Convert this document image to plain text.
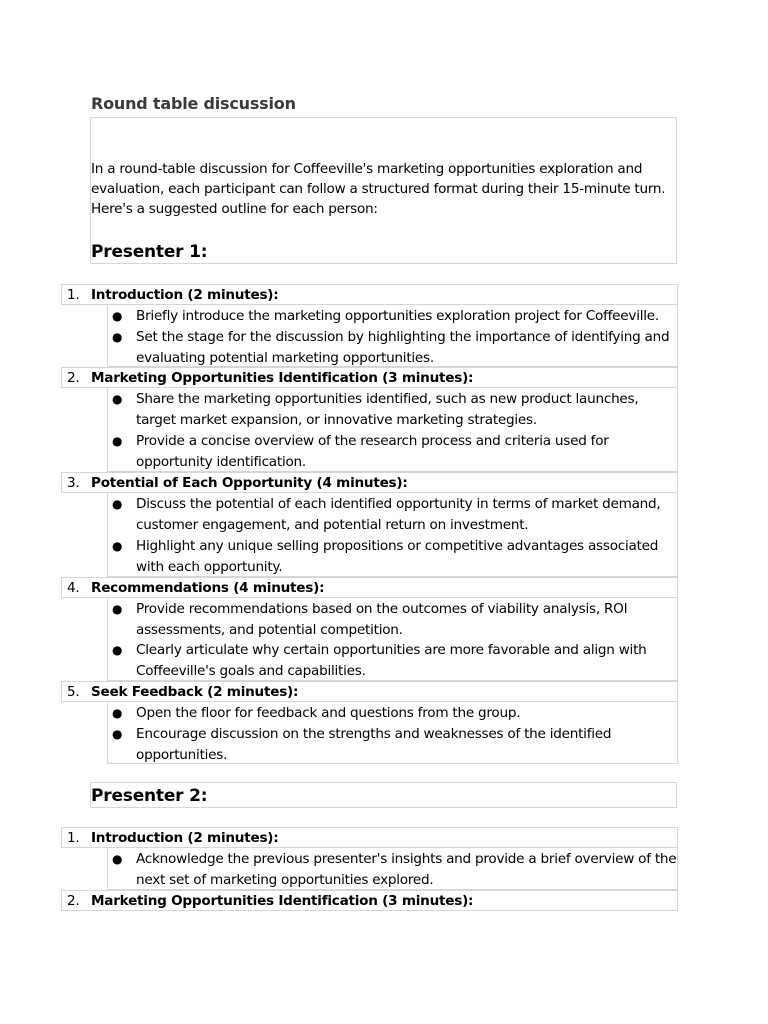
Round table discussion
In a round-table discussion for Coffeeville's marketing opportunities exploration and evaluation, each participant can follow a structured format during their 15-minute turn. Here's a suggested outline for each person:
Presenter 1:
1. Introduction (2 minutes):
● Briefly introduce the marketing opportunities exploration project for Coffeeville.
● Set the stage for the discussion by highlighting the importance of identifying and evaluating potential marketing opportunities.
2. Marketing Opportunities Identification (3 minutes):
● Share the marketing opportunities identified, such as new product launches, target market expansion, or innovative marketing strategies.
● Provide a concise overview of the research process and criteria used for opportunity identification.
3. Potential of Each Opportunity (4 minutes):
● Discuss the potential of each identified opportunity in terms of market demand, customer engagement, and potential return on investment.
● Highlight any unique selling propositions or competitive advantages associated with each opportunity.
4. Recommendations (4 minutes):
● Provide recommendations based on the outcomes of viability analysis, ROI assessments, and potential competition.
● Clearly articulate why certain opportunities are more favorable and align with Coffeeville's goals and capabilities.
5. Seek Feedback (2 minutes):
● Open the floor for feedback and questions from the group.
● Encourage discussion on the strengths and weaknesses of the identified opportunities.
Presenter 2:
1. Introduction (2 minutes):
● Acknowledge the previous presenter's insights and provide a brief overview of the next set of marketing opportunities explored.
2. Marketing Opportunities Identification (3 minutes):
